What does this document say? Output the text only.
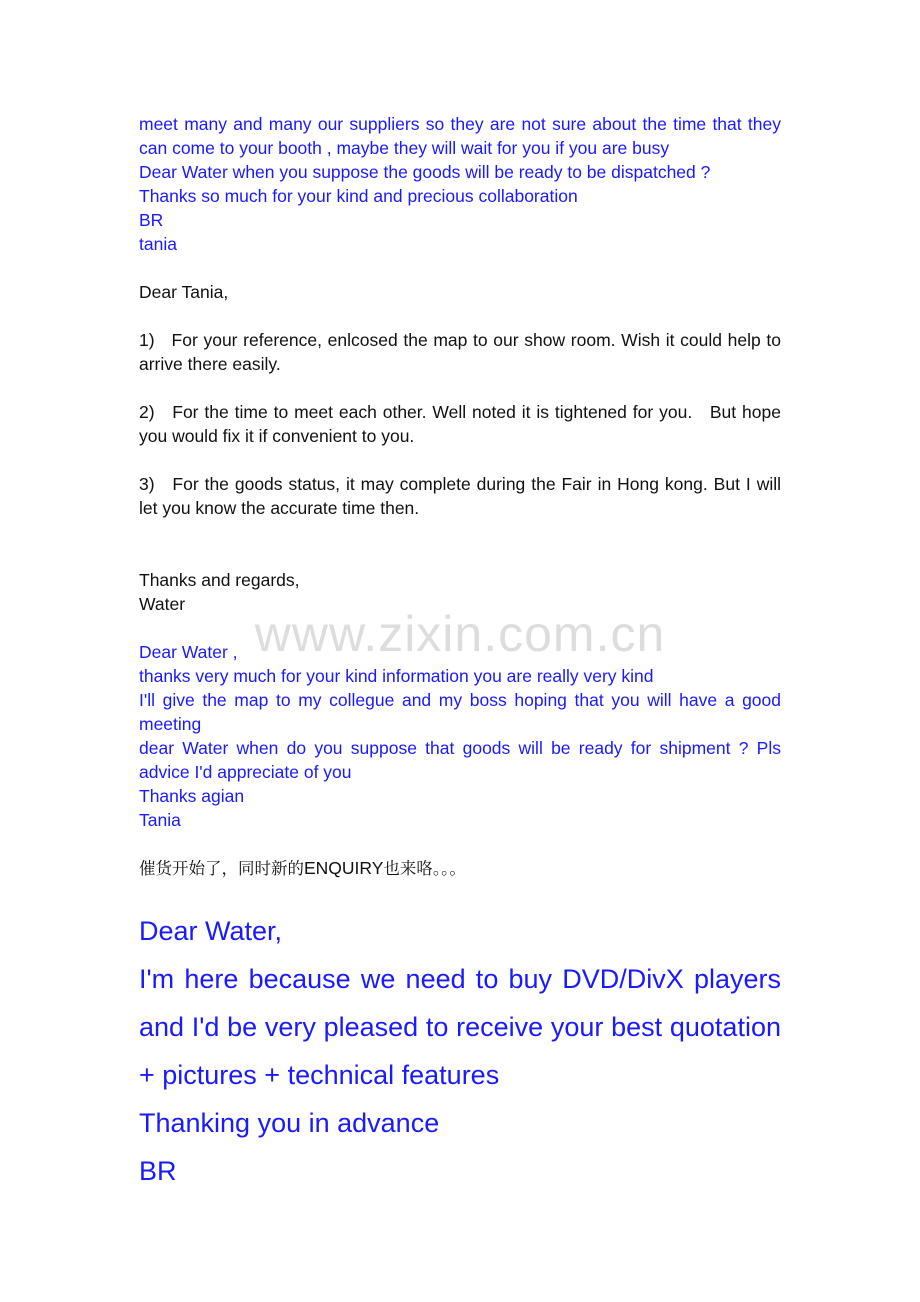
meet many and many our suppliers so they are not sure about the time that they can come to your booth , maybe they will wait for you if you are busy

Dear Water when you suppose the goods will be ready to be dispatched ?

Thanks so much for your kind and precious collaboration

BR

tania

Dear Tania,

1)   For your reference, enlcosed the map to our show room. Wish it could help to arrive there easily.

2)   For the time to meet each other. Well noted it is tightened for you.   But hope you would fix it if convenient to you.

3)   For the goods status, it may complete during the Fair in Hong kong. But I will let you know the accurate time then.

Thanks and regards,

Water

Dear Water ,

thanks very much for your kind information you are really very kind

I'll give the map to my collegue and my boss hoping that you will have a good meeting

dear Water when do you suppose that goods will be ready for shipment ? Pls advice I'd appreciate of you

Thanks agian

Tania

催货开始了，同时新的ENQUIRY也来咯。。。

Dear Water,

I'm here because we need to buy DVD/DivX players and I'd be very pleased to receive your best quotation + pictures + technical features

Thanking you in advance

BR

www.zixin.com.cn
